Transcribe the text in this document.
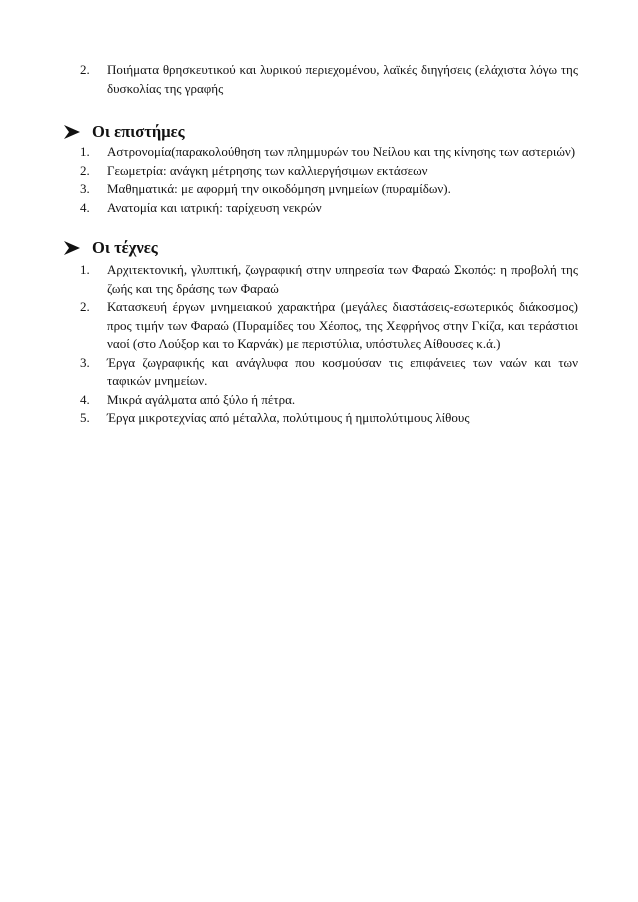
2.	Ποιήματα θρησκευτικού και λυρικού περιεχομένου, λαϊκές διηγήσεις (ελάχιστα λόγω της δυσκολίας της γραφής
Οι επιστήμες
1.	Αστρονομία(παρακολούθηση των πλημμυρών του Νείλου και της κίνησης των αστεριών)
2.	Γεωμετρία: ανάγκη μέτρησης των καλλιεργήσιμων εκτάσεων
3.	Μαθηματικά: με αφορμή την οικοδόμηση μνημείων (πυραμίδων).
4.	Ανατομία και ιατρική: ταρίχευση νεκρών
Οι τέχνες
1.	Αρχιτεκτονική, γλυπτική, ζωγραφική στην υπηρεσία των Φαραώ Σκοπός: η προβολή της ζωής και της δράσης των Φαραώ
2.	Κατασκευή έργων μνημειακού χαρακτήρα (μεγάλες διαστάσεις-εσωτερικός διάκοσμος) προς τιμήν των Φαραώ (Πυραμίδες του Χέοπος, της Χεφρήνος στην Γκίζα, και τεράστιοι ναοί (στο Λούξορ και το Καρνάκ) με περιστύλια, υπόστυλες Αίθουσες κ.ά.)
3.	Έργα ζωγραφικής και ανάγλυφα που κοσμούσαν τις επιφάνειες των ναών και των ταφικών μνημείων.
4.	Μικρά αγάλματα από ξύλο ή πέτρα.
5.	Έργα μικροτεχνίας από μέταλλα, πολύτιμους ή ημιπολύτιμους λίθους
